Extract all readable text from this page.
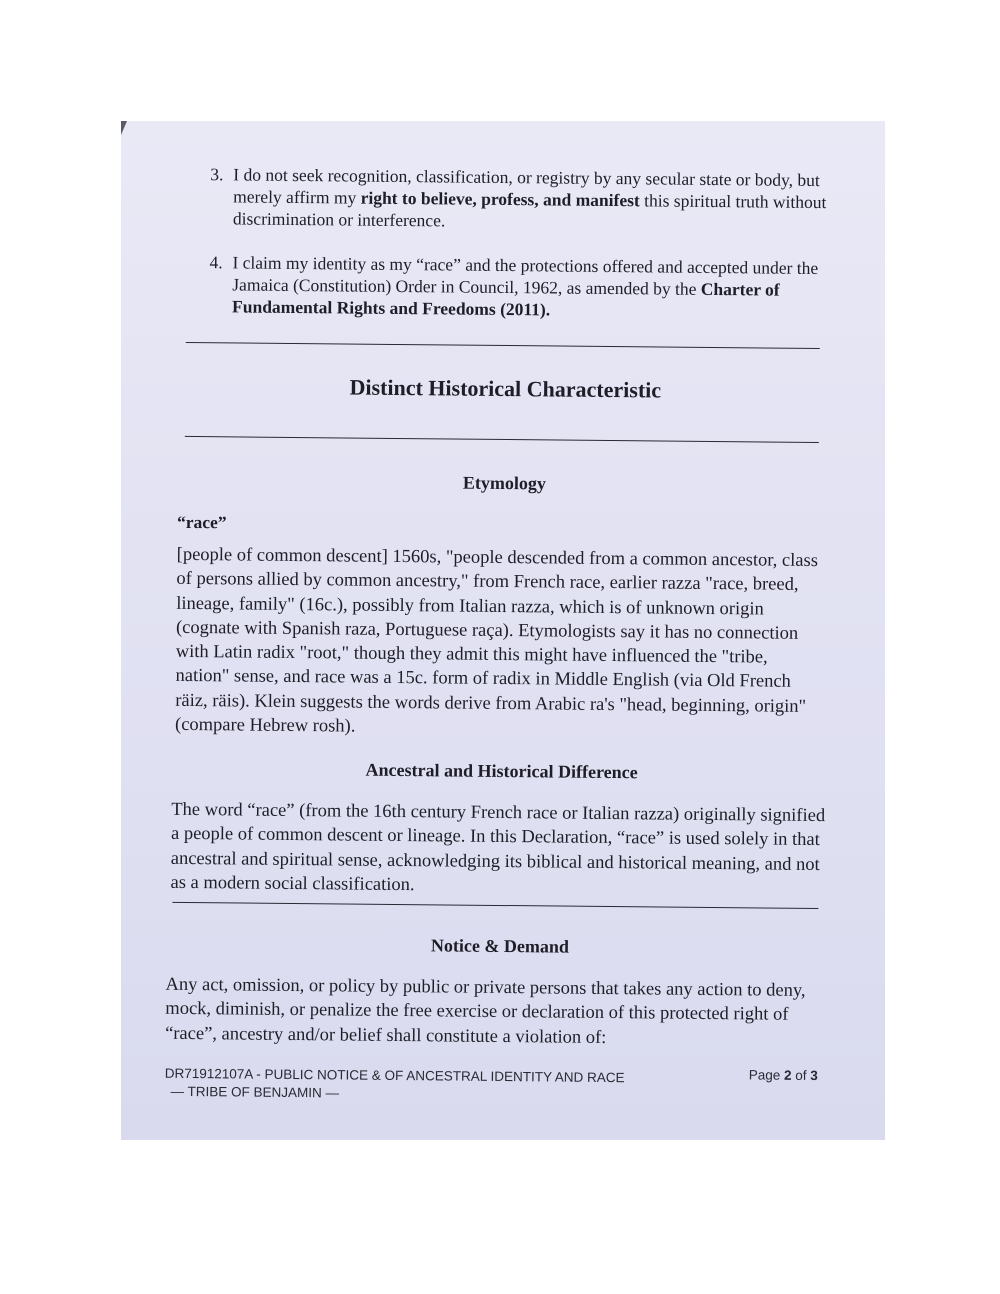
3. I do not seek recognition, classification, or registry by any secular state or body, but merely affirm my right to believe, profess, and manifest this spiritual truth without discrimination or interference.
4. I claim my identity as my “race” and the protections offered and accepted under the Jamaica (Constitution) Order in Council, 1962, as amended by the Charter of Fundamental Rights and Freedoms (2011).
Distinct Historical Characteristic
Etymology
“race”
[people of common descent] 1560s, "people descended from a common ancestor, class of persons allied by common ancestry," from French race, earlier razza "race, breed, lineage, family" (16c.), possibly from Italian razza, which is of unknown origin (cognate with Spanish raza, Portuguese raça). Etymologists say it has no connection with Latin radix "root," though they admit this might have influenced the "tribe, nation" sense, and race was a 15c. form of radix in Middle English (via Old French räiz, räis). Klein suggests the words derive from Arabic ra's "head, beginning, origin" (compare Hebrew rosh).
Ancestral and Historical Difference
The word “race” (from the 16th century French race or Italian razza) originally signified a people of common descent or lineage. In this Declaration, “race” is used solely in that ancestral and spiritual sense, acknowledging its biblical and historical meaning, and not as a modern social classification.
Notice & Demand
Any act, omission, or policy by public or private persons that takes any action to deny, mock, diminish, or penalize the free exercise or declaration of this protected right of “race”, ancestry and/or belief shall constitute a violation of:
DR71912107A - PUBLIC NOTICE & OF ANCESTRAL IDENTITY AND RACE
— TRIBE OF BENJAMIN —
Page 2 of 3
